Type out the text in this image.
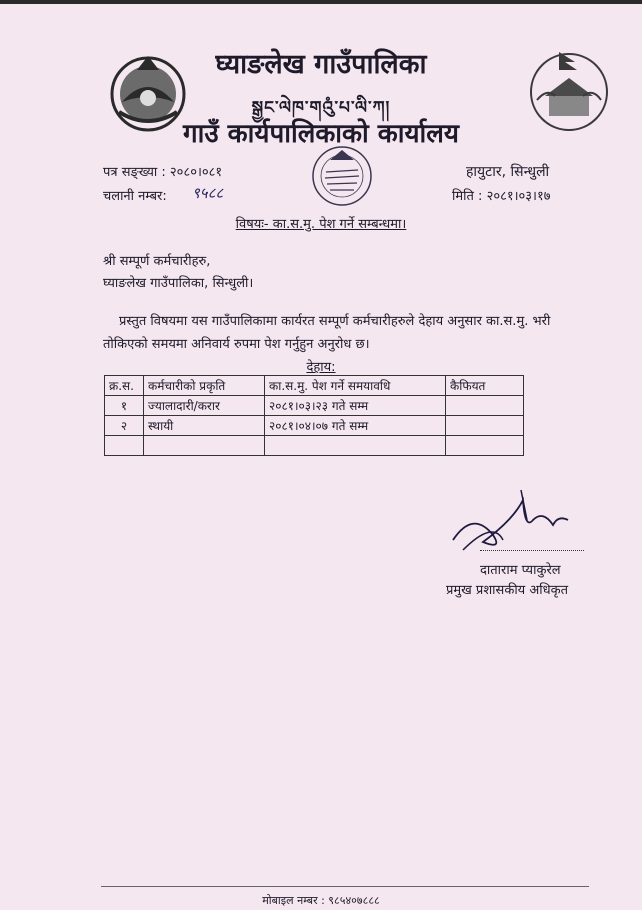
घ्याङलेख गाउँपालिका
སྒྱང་ལེཁ་གའུཾ་པ་ལི་ཀ།
गाउँ कार्यपालिकाको कार्यालय
पत्र सङ्ख्या : २०८०।०८१
चलानी नम्बर: ९५८८
हायुटार, सिन्धुली
मिति : २०८१।०३।१७
विषयः- का.स.मु. पेश गर्ने सम्बन्धमा।
श्री सम्पूर्ण कर्मचारीहरु,
घ्याङलेख गाउँपालिका, सिन्धुली।
प्रस्तुत विषयमा यस गाउँपालिकामा कार्यरत सम्पूर्ण कर्मचारीहरुले देहाय अनुसार का.स.मु. भरी तोकिएको समयमा अनिवार्य रुपमा पेश गर्नुहुन अनुरोध छ।
देहाय:
क्र.स.	कर्मचारीको प्रकृति	का.स.मु. पेश गर्ने समयावधि	कैफियत
१	ज्यालादारी/करार	२०८१।०३।२३ गते सम्म	
२	स्थायी	२०८१।०४।०७ गते सम्म	

दाताराम प्याकुरेल
प्रमुख प्रशासकीय अधिकृत
मोबाइल नम्बर : ९८५४०७८८८
